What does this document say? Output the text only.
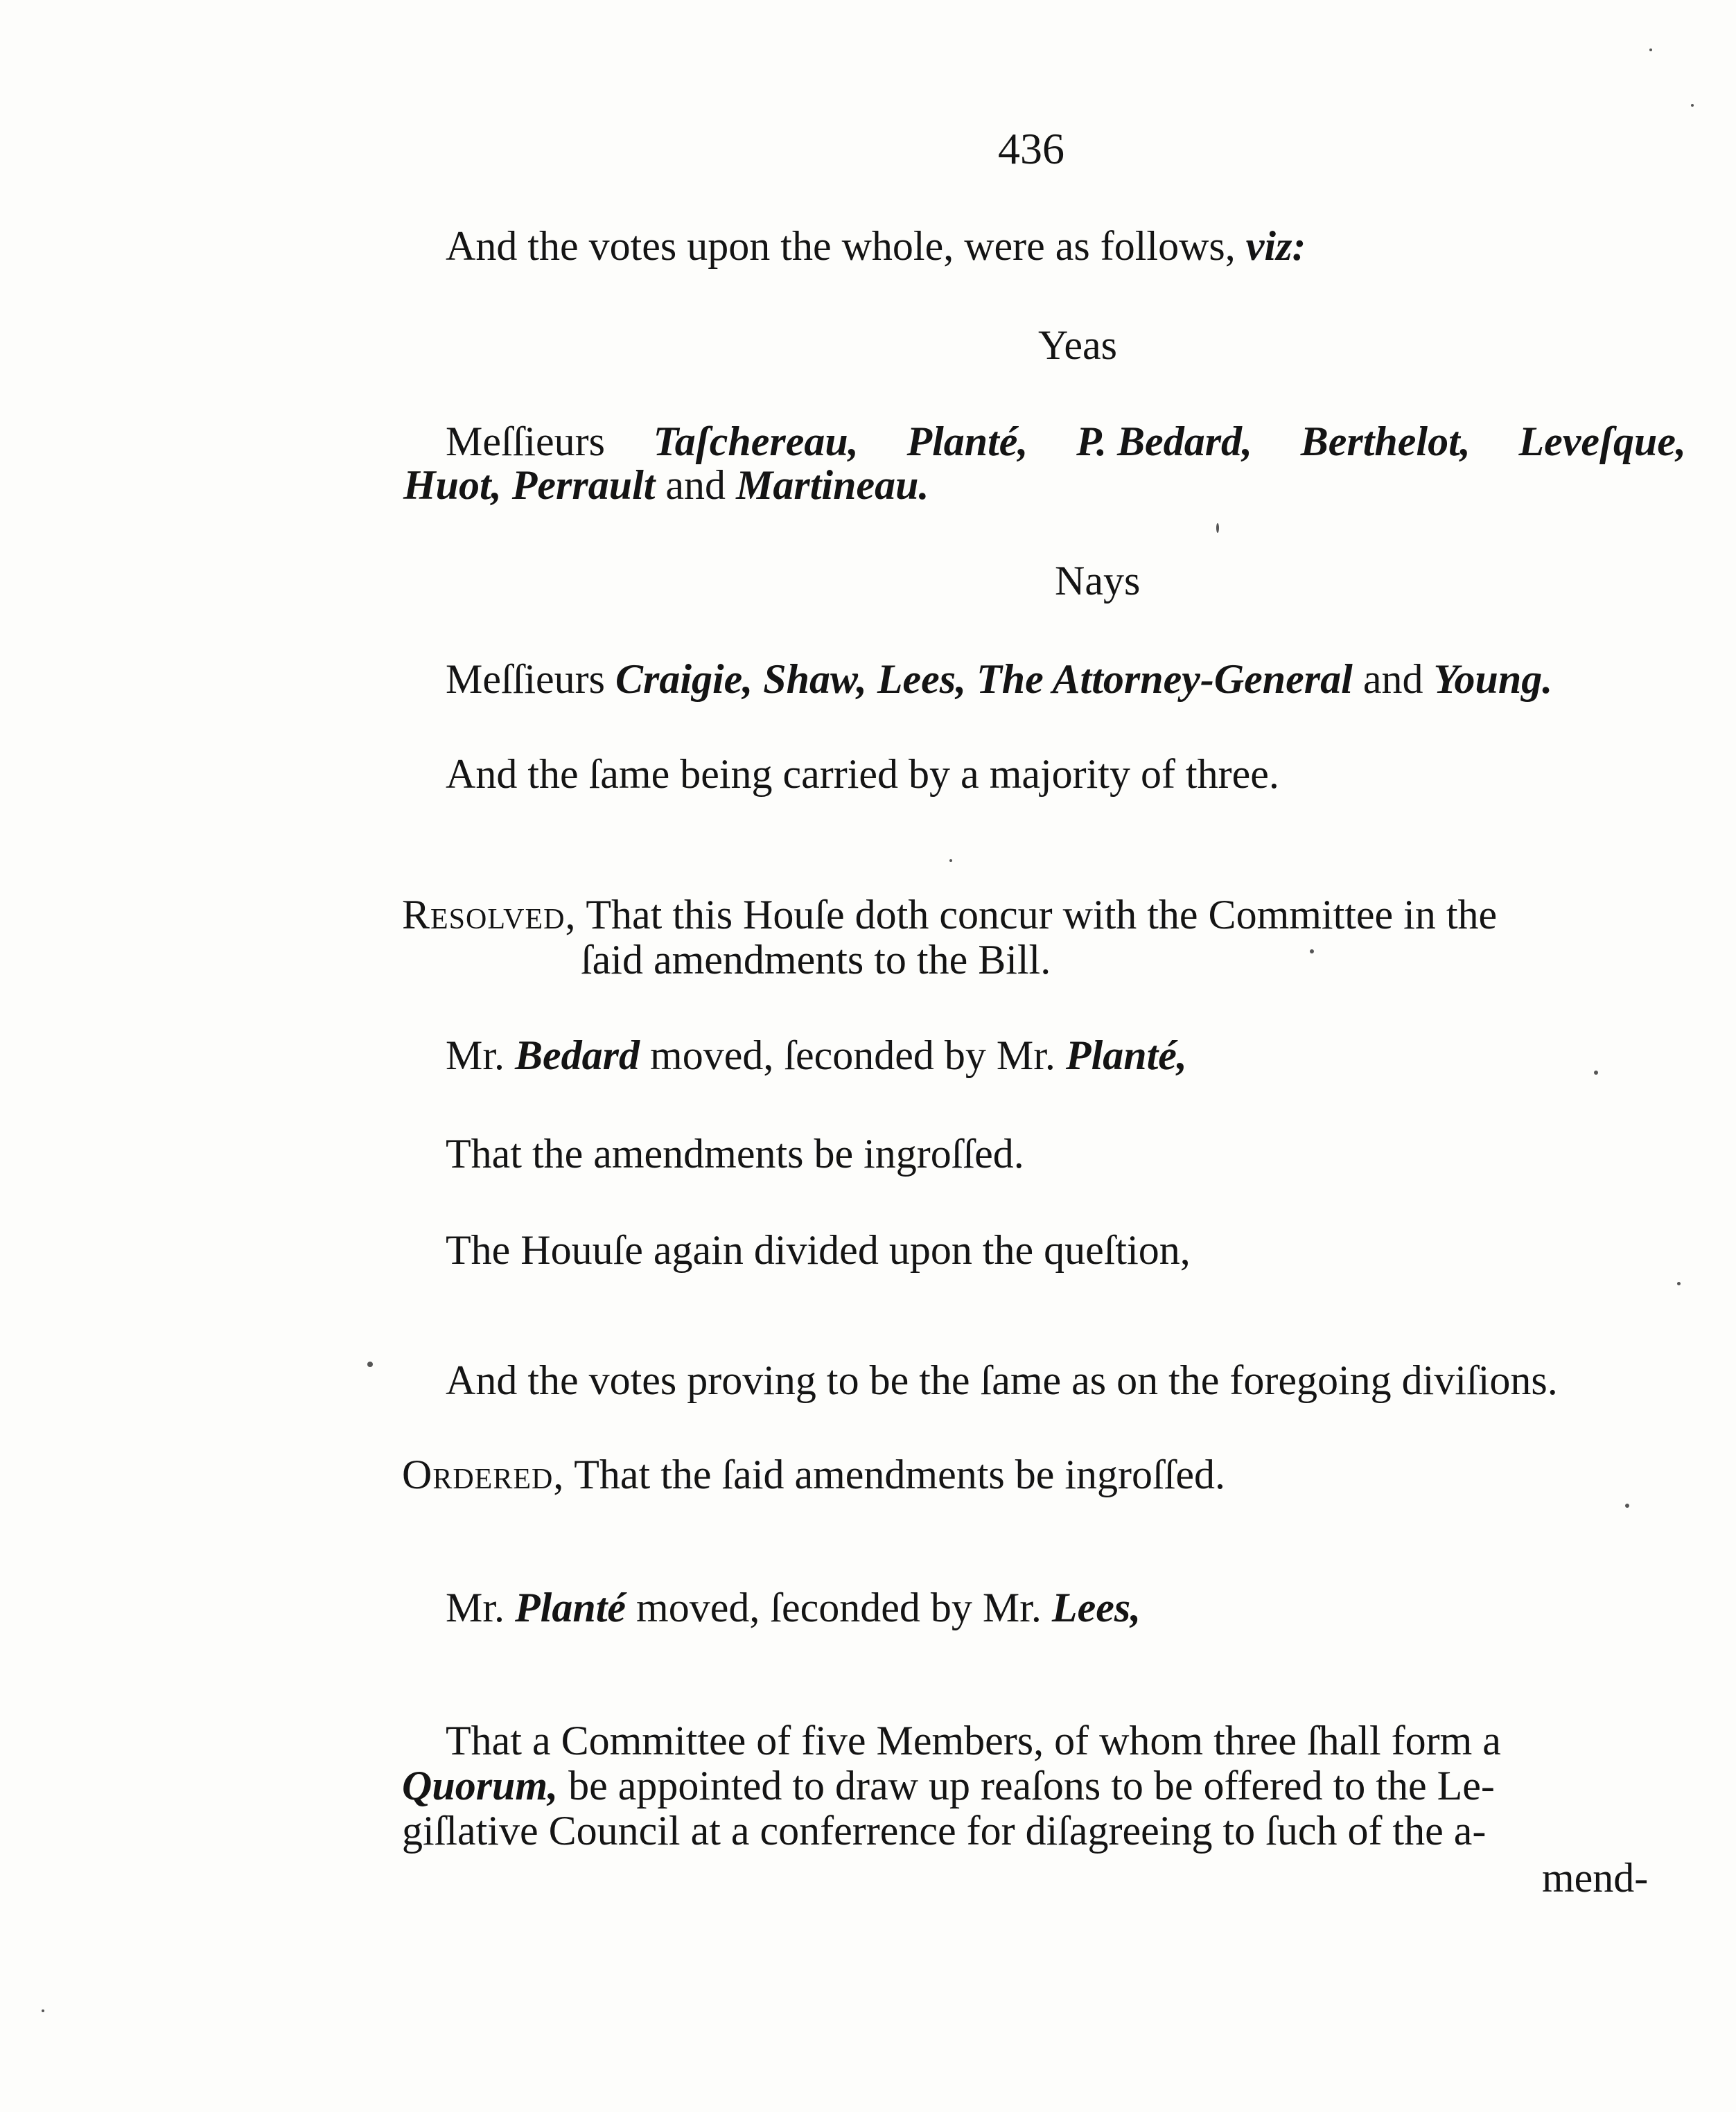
436
And the votes upon the whole, were as follows, viz:
Yeas
Meſſieurs Taſchereau, Planté, P. Bedard, Berthelot, Leveſque,
Huot, Perrault and Martineau.
Nays
Meſſieurs Craigie, Shaw, Lees, The Attorney-General and Young.
And the ſame being carried by a majority of three.
Resolved, That this Houſe doth concur with the Committee in the
ſaid amendments to the Bill.
Mr. Bedard moved, ſeconded by Mr. Planté,
That the amendments be ingroſſed.
The Houuſe again divided upon the queſtion,
And the votes proving to be the ſame as on the foregoing diviſions.
Ordered, That the ſaid amendments be ingroſſed.
Mr. Planté moved, ſeconded by Mr. Lees,
That a Committee of five Members, of whom three ſhall form a
Quorum, be appointed to draw up reaſons to be offered to the Le-
giſlative Council at a conferrence for diſagreeing to ſuch of the a-
mend-
